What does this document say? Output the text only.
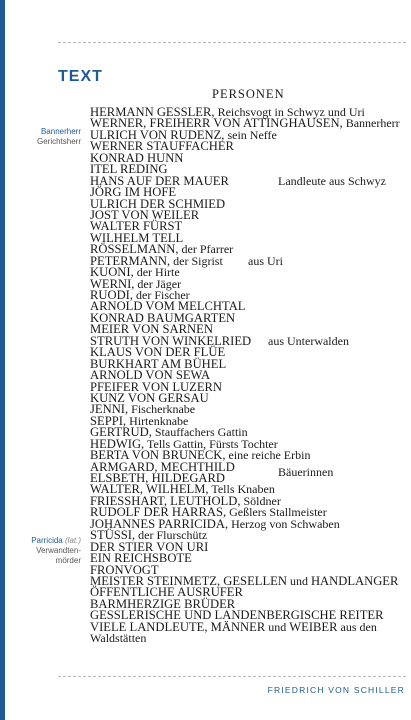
TEXT
PERSONEN
Bannerherr
Gerichtsherr
Parricida (lat.)
Verwandten-
mörder
HERMANN GESSLER, Reichsvogt in Schwyz und Uri
WERNER, FREIHERR VON ATTINGHAUSEN, Bannerherr
ULRICH VON RUDENZ, sein Neffe
WERNER STAUFFACHER
KONRAD HUNN
ITEL REDING
HANS AUF DER MAUER	Landleute aus Schwyz
JÖRG IM HOFE
ULRICH DER SCHMIED
JOST VON WEILER
WALTER FÜRST
WILHELM TELL
RÖSSELMANN, der Pfarrer
PETERMANN, der Sigrist aus Uri
KUONI, der Hirte
WERNI, der Jäger
RUODI, der Fischer
ARNOLD VOM MELCHTAL
KONRAD BAUMGARTEN
MEIER VON SARNEN
STRUTH VON WINKELRIED aus Unterwalden
KLAUS VON DER FLÜE
BURKHART AM BÜHEL
ARNOLD VON SEWA
PFEIFER VON LUZERN
KUNZ VON GERSAU
JENNI, Fischerknabe
SEPPI, Hirtenknabe
GERTRUD, Stauffachers Gattin
HEDWIG, Tells Gattin, Fürsts Tochter
BERTA VON BRUNECK, eine reiche Erbin
ARMGARD, MECHTHILD	Bäuerinnen
ELSBETH, HILDEGARD
WALTER, WILHELM, Tells Knaben
FRIESSHART, LEUTHOLD, Söldner
RUDOLF DER HARRAS, Geßlers Stallmeister
JOHANNES PARRICIDA, Herzog von Schwaben
STÜSSI, der Flurschütz
DER STIER VON URI
EIN REICHSBOTE
FRONVOGT
MEISTER STEINMETZ, GESELLEN und HANDLANGER
ÖFFENTLICHE AUSRUFER
BARMHERZIGE BRÜDER
GESSLERISCHE UND LANDENBERGISCHE REITER
VIELE LANDLEUTE, MÄNNER und WEIBER aus den
Waldstätten
FRIEDRICH VON SCHILLER
